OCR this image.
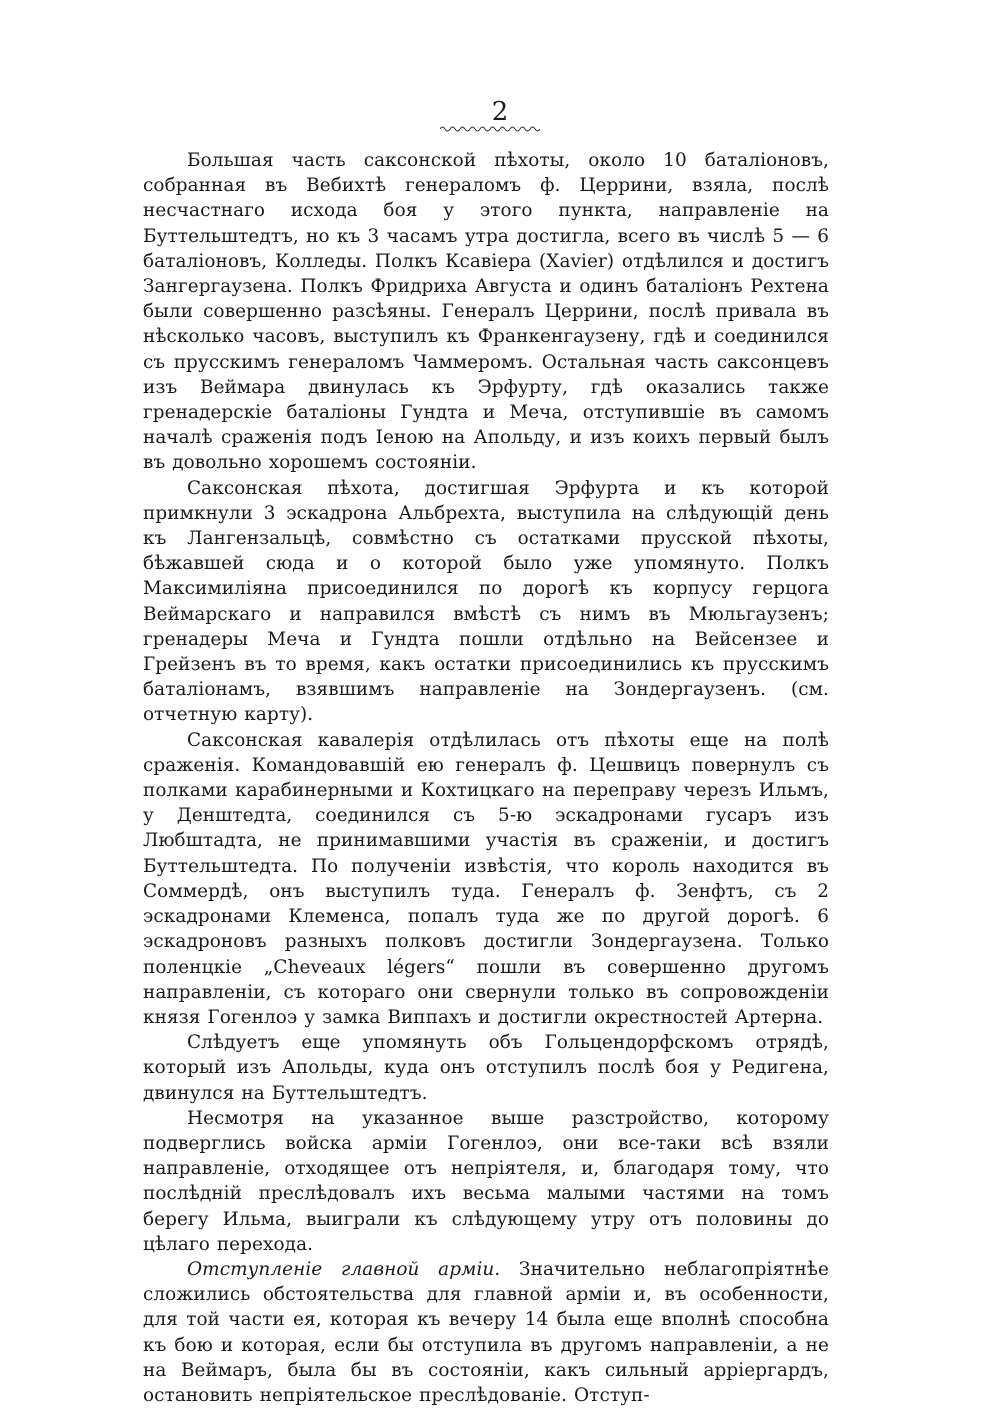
2

Большая часть саксонской пѣхоты, около 10 баталіоновъ, собранная въ Вебихтѣ генераломъ ф. Церрини, взяла, послѣ несчастнаго исхода боя у этого пункта, направленіе на Буттельштедтъ, но къ 3 часамъ утра достигла, всего въ числѣ 5 — 6 баталіоновъ, Колледы. Полкъ Ксавіера (Xavier) отдѣлился и достигъ Зангергаузена. Полкъ Фридриха Августа и одинъ баталіонъ Рехтена были совершенно разсѣяны. Генералъ Церрини, послѣ привала въ нѣсколько часовъ, выступилъ къ Франкенгаузену, гдѣ и соединился съ прусскимъ генераломъ Чаммеромъ. Остальная часть саксонцевъ изъ Веймара двинулась къ Эрфурту, гдѣ оказались также гренадерскіе баталіоны Гундта и Меча, отступившіе въ самомъ началѣ сраженія подъ Іеною на Апольду, и изъ коихъ первый былъ въ довольно хорошемъ состояніи.

Саксонская пѣхота, достигшая Эрфурта и къ которой примкнули 3 эскадрона Альбрехта, выступила на слѣдующій день къ Лангензальцѣ, совмѣстно съ остатками прусской пѣхоты, бѣжавшей сюда и о которой было уже упомянуто. Полкъ Максимиліяна присоединился по дорогѣ къ корпусу герцога Веймарскаго и направился вмѣстѣ съ нимъ въ Мюльгаузенъ; гренадеры Меча и Гундта пошли отдѣльно на Вейсензее и Грейзенъ въ то время, какъ остатки присоединились къ прусскимъ баталіонамъ, взявшимъ направленіе на Зондергаузенъ. (см. отчетную карту).

Саксонская кавалерія отдѣлилась отъ пѣхоты еще на полѣ сраженія. Командовавшій ею генералъ ф. Цешвицъ повернулъ съ полками карабинерными и Кохтицкаго на переправу черезъ Ильмъ, у Денштедта, соединился съ 5-ю эскадронами гусаръ изъ Любштадта, не принимавшими участія въ сраженіи, и достигъ Буттельштедта. По полученіи извѣстія, что король находится въ Соммердѣ, онъ выступилъ туда. Генералъ ф. Зенфтъ, съ 2 эскадронами Клеменса, попалъ туда же по другой дорогѣ. 6 эскадроновъ разныхъ полковъ достигли Зондергаузена. Только поленцкіе „Cheveaux légers“ пошли въ совершенно другомъ направленіи, съ котораго они свернули только въ сопровожденіи князя Гогенлоэ у замка Виппахъ и достигли окрестностей Артерна.

Слѣдуетъ еще упомянуть объ Гольцендорфскомъ отрядѣ, который изъ Апольды, куда онъ отступилъ послѣ боя у Редигена, двинулся на Буттельштедтъ.

Несмотря на указанное выше разстройство, которому подверглись войска арміи Гогенлоэ, они все-таки всѣ взяли направленіе, отходящее отъ непріятеля, и, благодаря тому, что послѣдній преслѣдовалъ ихъ весьма малыми частями на томъ берегу Ильма, выиграли къ слѣдующему утру отъ половины до цѣлаго перехода.

Отступленіе главной арміи. Значительно неблагопріятнѣе сложились обстоятельства для главной арміи и, въ особенности, для той части ея, которая къ вечеру 14 была еще вполнѣ способна къ бою и которая, если бы отступила въ другомъ направленіи, а не на Веймаръ, была бы въ состояніи, какъ сильный арріергардъ, остановить непріятельское преслѣдованіе. Отступ-
